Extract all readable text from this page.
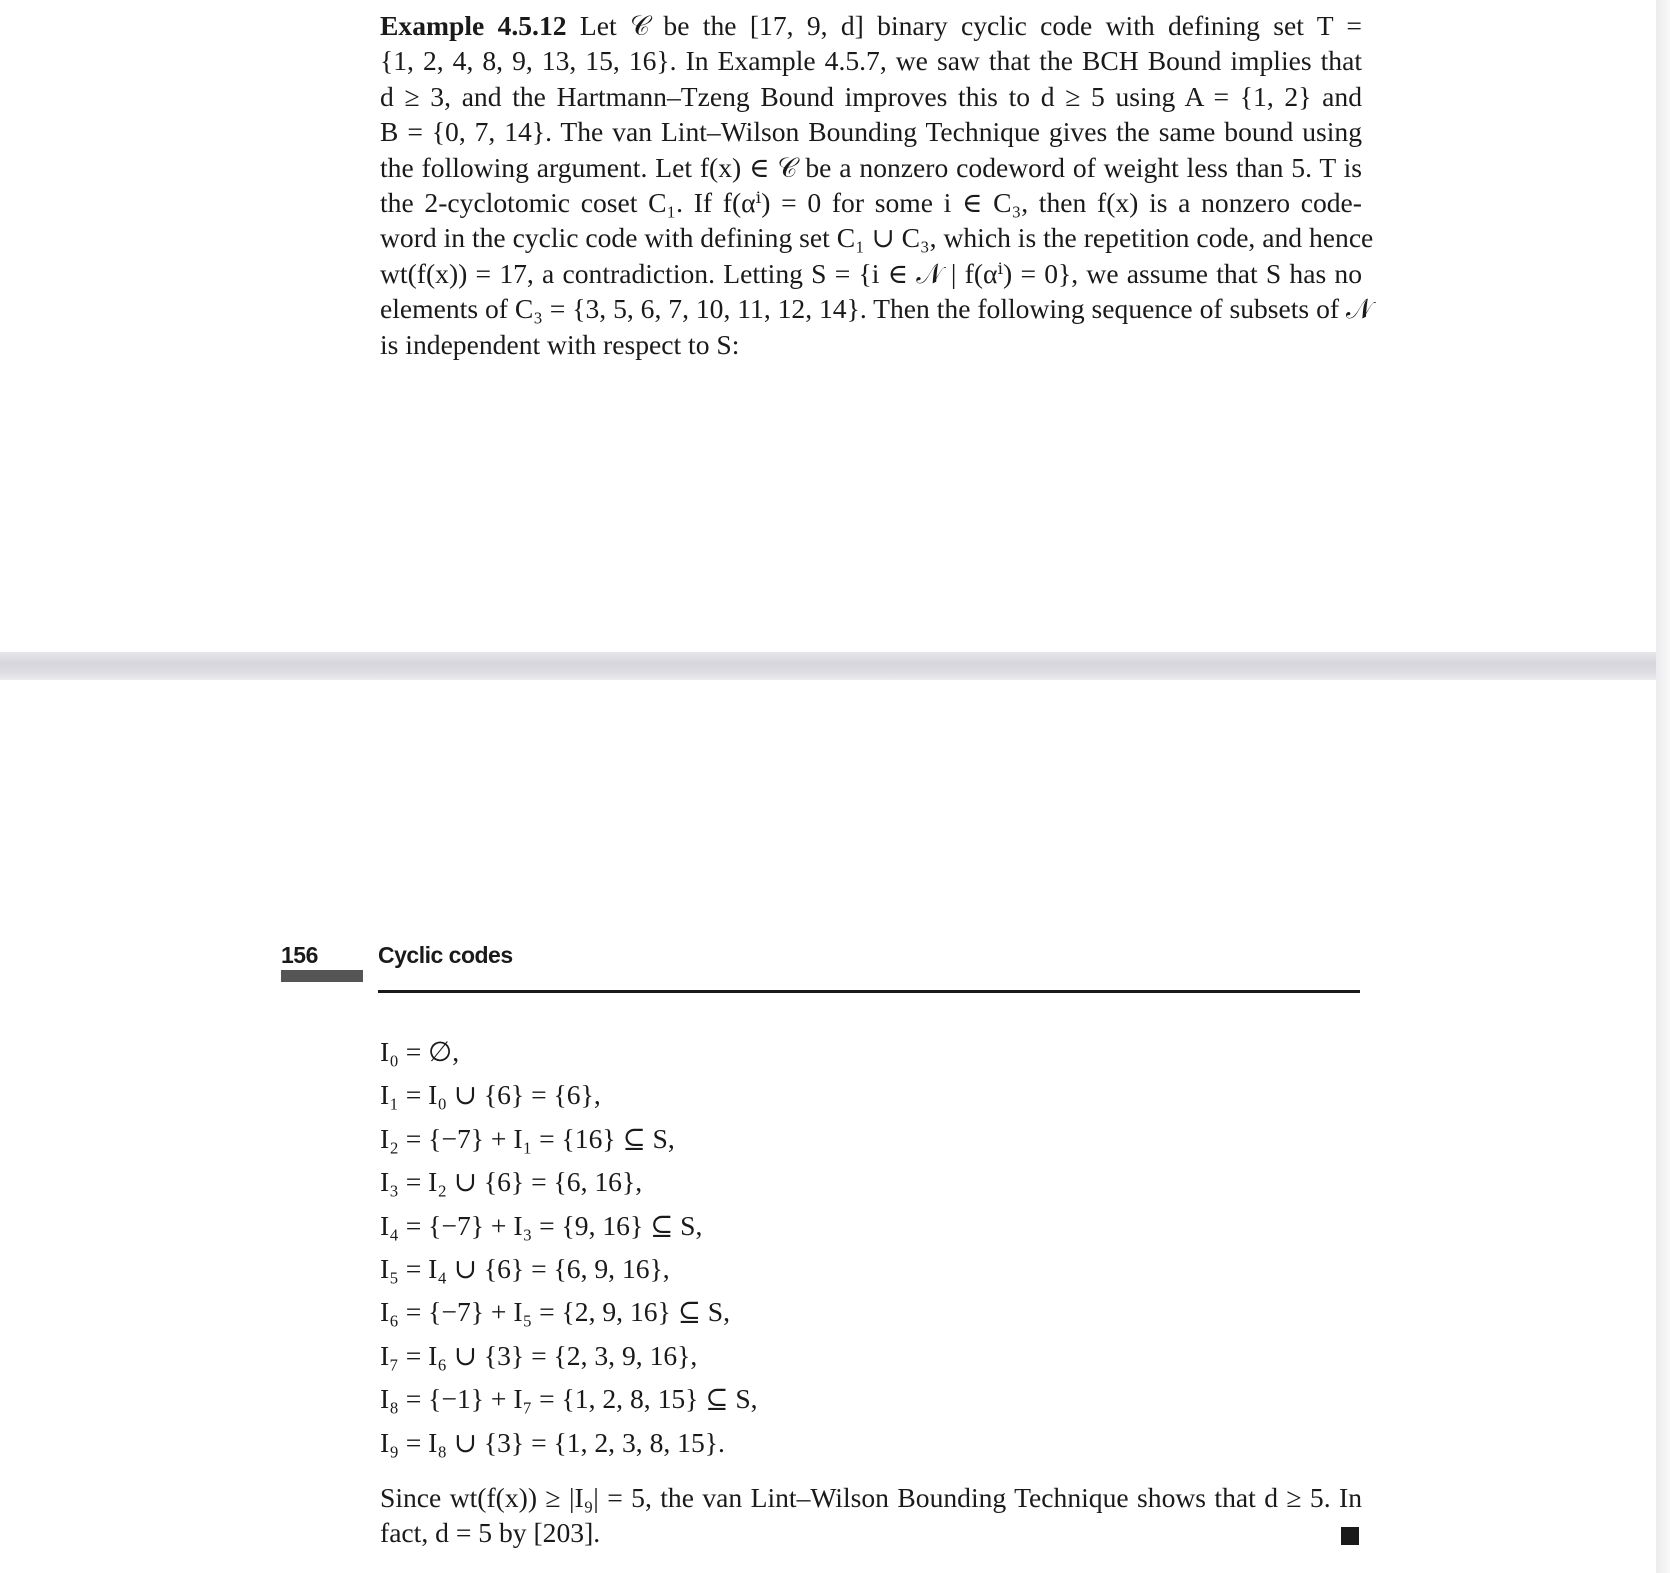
Example 4.5.12 Let 𝒞 be the [17, 9, d] binary cyclic code with defining set T =
{1, 2, 4, 8, 9, 13, 15, 16}. In Example 4.5.7, we saw that the BCH Bound implies that
d ≥ 3, and the Hartmann–Tzeng Bound improves this to d ≥ 5 using A = {1, 2} and
B = {0, 7, 14}. The van Lint–Wilson Bounding Technique gives the same bound using
the following argument. Let f(x) ∈ 𝒞 be a nonzero codeword of weight less than 5. T is
the 2-cyclotomic coset C₁. If f(αⁱ) = 0 for some i ∈ C₃, then f(x) is a nonzero code-
word in the cyclic code with defining set C₁ ∪ C₃, which is the repetition code, and hence
wt(f(x)) = 17, a contradiction. Letting S = {i ∈ 𝒩 | f(αⁱ) = 0}, we assume that S has no
elements of C₃ = {3, 5, 6, 7, 10, 11, 12, 14}. Then the following sequence of subsets of 𝒩
is independent with respect to S:
156	Cyclic codes
I₀ = ∅,
I₁ = I₀ ∪ {6} = {6},
I₂ = {−7} + I₁ = {16} ⊆ S,
I₃ = I₂ ∪ {6} = {6, 16},
I₄ = {−7} + I₃ = {9, 16} ⊆ S,
I₅ = I₄ ∪ {6} = {6, 9, 16},
I₆ = {−7} + I₅ = {2, 9, 16} ⊆ S,
I₇ = I₆ ∪ {3} = {2, 3, 9, 16},
I₈ = {−1} + I₇ = {1, 2, 8, 15} ⊆ S,
I₉ = I₈ ∪ {3} = {1, 2, 3, 8, 15}.
Since wt(f(x)) ≥ |I₉| = 5, the van Lint–Wilson Bounding Technique shows that d ≥ 5. In
fact, d = 5 by [203].
